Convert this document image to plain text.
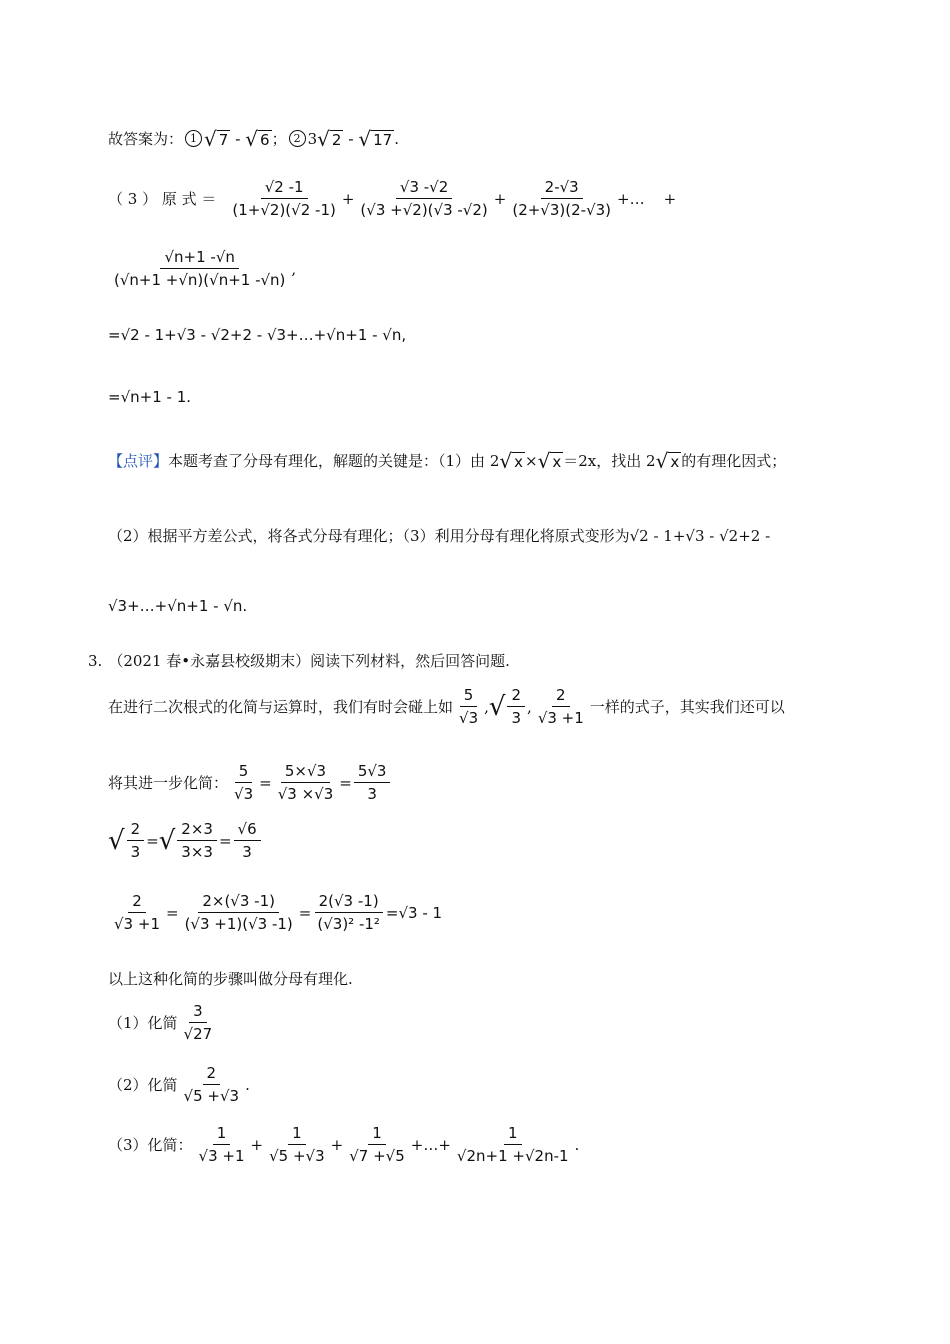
故答案为： 1 √ 7 - √ 6 ； 2 3 √ 2 - √ 17 .
（ 3 ） 原 式 ＝ $\frac{√2 -1}{(1+√2)(√2 -1)} + \frac{√3 -√2}{(√3 +√2)(√3 -√2)} + \frac{2-√3}{(2+√3)(2-√3)}$ +…    +
$\frac{√n+1 -√n}{(√n+1 +√n)(√n+1 -√n)}$ ,
=√2 - 1+√3 - √2+2 - √3+…+√n+1 - √n,
=√n+1 - 1.
【点评】 本题考查了分母有理化，解题的关键是：（1）由 2 √ x × √ x ＝2x，找出 2 √ x 的有理化因式；
（2）根据平方差公式，将各式分母有理化；（3）利用分母有理化将原式变形为√2 - 1+√3 - √2+2 -
√3+…+√n+1 - √n.
3. （2021 春•永嘉县校级期末）阅读下列材料，然后回答问题.
在进行二次根式的化简与运算时，我们有时会碰上如 $\frac{5}{√3}$ , √ $\frac{2}{3}$ , $\frac{2}{√3 +1}$ 一样的式子，其实我们还可以
将其进一步化简： $\frac{5}{√3} = \frac{5\times√3}{√3 \times√3} = \frac{5√3}{3}$
√ $\frac{2}{3}$ = √ $\frac{2\times 3}{3\times 3} = \frac{√6}{3}$
$\frac{2}{√3 +1} = \frac{2\times(√3 -1)}{(√3 +1)(√3 -1)} = \frac{2(√3 -1)}{\text{(√3)² -1²}} =√3 - 1$
以上这种化简的步骤叫做分母有理化.
（1）化简 $\frac{3}{√27}$
（2）化简 $\frac{2}{√5 +√3}$ .
（3）化简： $\frac{1}{√3 +1} + \frac{1}{√5 +√3} + \frac{1}{√7 +√5}$ +…+ $\frac{1}{√2n+1 +√2n-1}$ .
